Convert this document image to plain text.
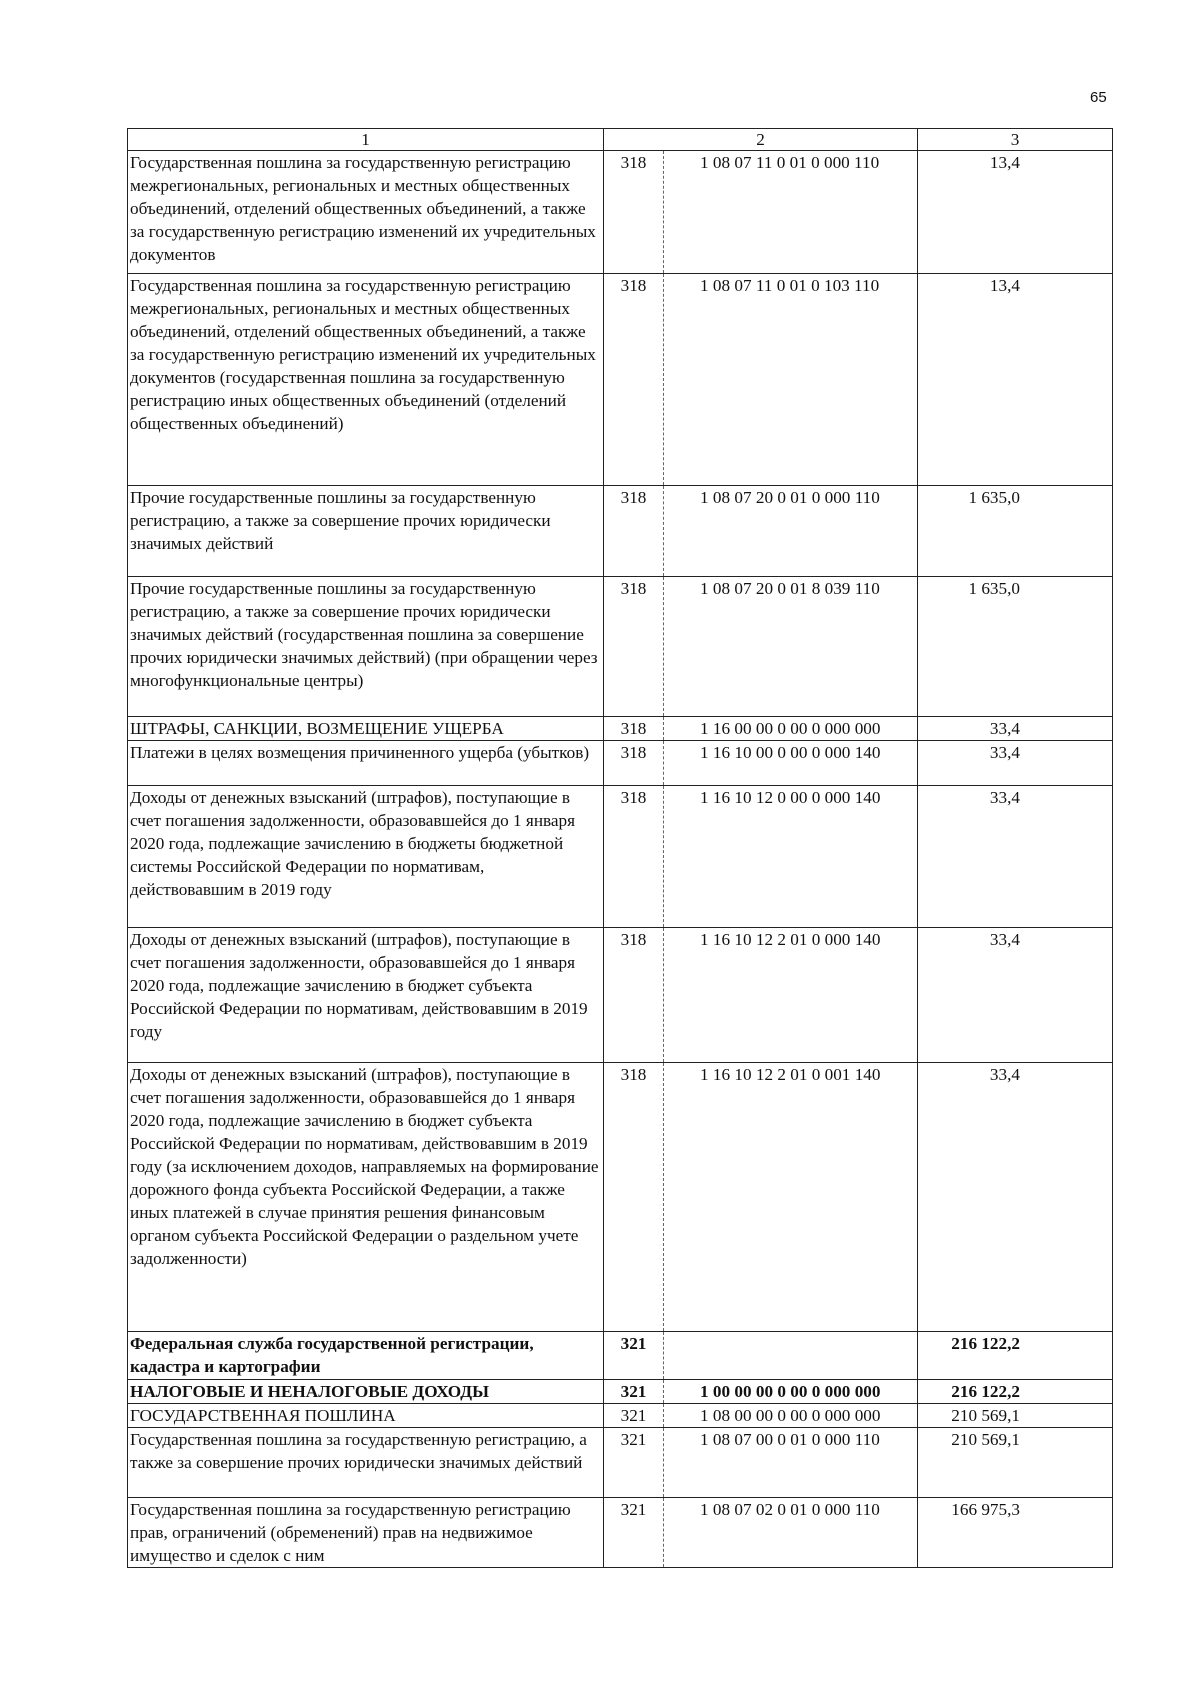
65
1	2		3
Государственная пошлина за государственную регистрацию межрегиональных, региональных и местных общественных объединений, отделений общественных объединений, а также за государственную регистрацию изменений их учредительных документов	318	1 08 07 11 0 01 0 000 110	13,4
Государственная пошлина за государственную регистрацию межрегиональных, региональных и местных общественных объединений, отделений общественных объединений, а также за государственную регистрацию изменений их учредительных документов (государственная пошлина за государственную регистрацию иных общественных объединений (отделений общественных объединений)	318	1 08 07 11 0 01 0 103 110	13,4
Прочие государственные пошлины за государственную регистрацию, а также за совершение прочих юридически значимых действий	318	1 08 07 20 0 01 0 000 110	1 635,0
Прочие государственные пошлины за государственную регистрацию, а также за совершение прочих юридически значимых действий (государственная пошлина за совершение прочих юридически значимых действий) (при обращении через многофункциональные центры)	318	1 08 07 20 0 01 8 039 110	1 635,0
ШТРАФЫ, САНКЦИИ, ВОЗМЕЩЕНИЕ УЩЕРБА	318	1 16 00 00 0 00 0 000 000	33,4
Платежи в целях возмещения причиненного ущерба (убытков)	318	1 16 10 00 0 00 0 000 140	33,4
Доходы от денежных взысканий (штрафов), поступающие в счет погашения задолженности, образовавшейся до 1 января 2020 года, подлежащие зачислению в бюджеты бюджетной системы Российской Федерации по нормативам, действовавшим в 2019 году	318	1 16 10 12 0 00 0 000 140	33,4
Доходы от денежных взысканий (штрафов), поступающие в счет погашения задолженности, образовавшейся до 1 января 2020 года, подлежащие зачислению в бюджет субъекта Российской Федерации по нормативам, действовавшим в 2019 году	318	1 16 10 12 2 01 0 000 140	33,4
Доходы от денежных взысканий (штрафов), поступающие в счет погашения задолженности, образовавшейся до 1 января 2020 года, подлежащие зачислению в бюджет субъекта Российской Федерации по нормативам, действовавшим в 2019 году (за исключением доходов, направляемых на формирование дорожного фонда субъекта Российской Федерации, а также иных платежей в случае принятия решения финансовым органом субъекта Российской Федерации о раздельном учете задолженности)	318	1 16 10 12 2 01 0 001 140	33,4
Федеральная служба государственной регистрации, кадастра и картографии	321		216 122,2
НАЛОГОВЫЕ И НЕНАЛОГОВЫЕ ДОХОДЫ	321	1 00 00 00 0 00 0 000 000	216 122,2
ГОСУДАРСТВЕННАЯ ПОШЛИНА	321	1 08 00 00 0 00 0 000 000	210 569,1
Государственная пошлина за государственную регистрацию, а также за совершение прочих юридически значимых действий	321	1 08 07 00 0 01 0 000 110	210 569,1
Государственная пошлина за государственную регистрацию прав, ограничений (обременений) прав на недвижимое имущество и сделок с ним	321	1 08 07 02 0 01 0 000 110	166 975,3
